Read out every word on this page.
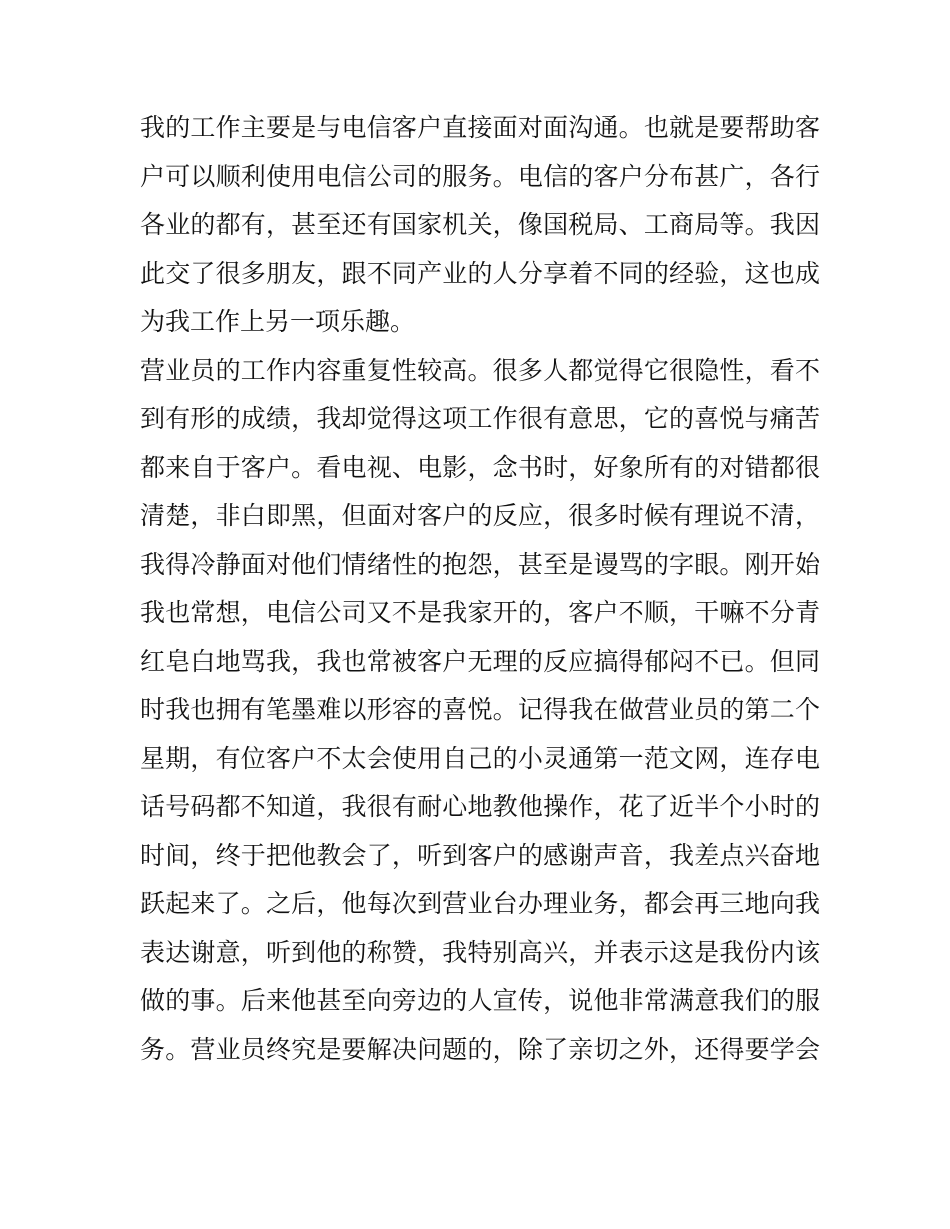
我的工作主要是与电信客户直接面对面沟通。也就是要帮助客
户可以顺利使用电信公司的服务。电信的客户分布甚广，各行
各业的都有，甚至还有国家机关，像国税局、工商局等。我因
此交了很多朋友，跟不同产业的人分享着不同的经验，这也成
为我工作上另一项乐趣。
营业员的工作内容重复性较高。很多人都觉得它很隐性，看不
到有形的成绩，我却觉得这项工作很有意思，它的喜悦与痛苦
都来自于客户。看电视、电影，念书时，好象所有的对错都很
清楚，非白即黑，但面对客户的反应，很多时候有理说不清，
我得冷静面对他们情绪性的抱怨，甚至是谩骂的字眼。刚开始
我也常想，电信公司又不是我家开的，客户不顺，干嘛不分青
红皂白地骂我，我也常被客户无理的反应搞得郁闷不已。但同
时我也拥有笔墨难以形容的喜悦。记得我在做营业员的第二个
星期，有位客户不太会使用自己的小灵通第一范文网，连存电
话号码都不知道，我很有耐心地教他操作，花了近半个小时的
时间，终于把他教会了，听到客户的感谢声音，我差点兴奋地
跃起来了。之后，他每次到营业台办理业务，都会再三地向我
表达谢意，听到他的称赞，我特别高兴，并表示这是我份内该
做的事。后来他甚至向旁边的人宣传，说他非常满意我们的服
务。营业员终究是要解决问题的，除了亲切之外，还得要学会
